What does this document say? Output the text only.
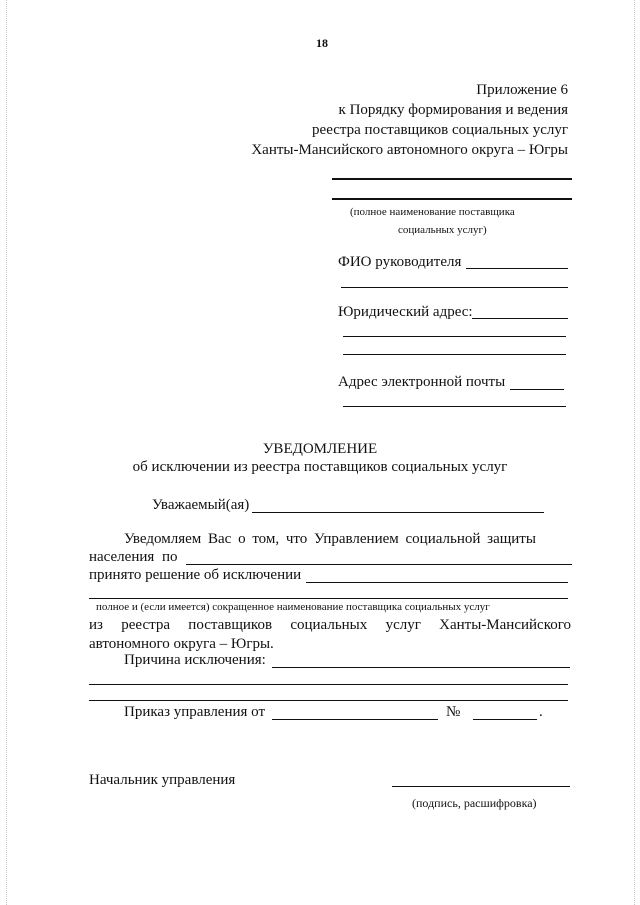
18
Приложение 6
к Порядку формирования и ведения
реестра поставщиков социальных услуг
Ханты-Мансийского автономного округа – Югры
(полное наименование поставщика
социальных услуг)
ФИО руководителя
Юридический адрес:
Адрес электронной почты
УВЕДОМЛЕНИЕ
об исключении из реестра поставщиков социальных услуг
Уважаемый(ая)
Уведомляем Вас о том, что Управлением социальной защиты
населения по
принято решение об исключении
полное и (если имеется) сокращенное наименование поставщика социальных услуг
из реестра поставщиков социальных услуг Ханты-Мансийского
автономного округа – Югры.
Причина исключения:
Приказ управления от	№	.
Начальник управления
(подпись, расшифровка)
